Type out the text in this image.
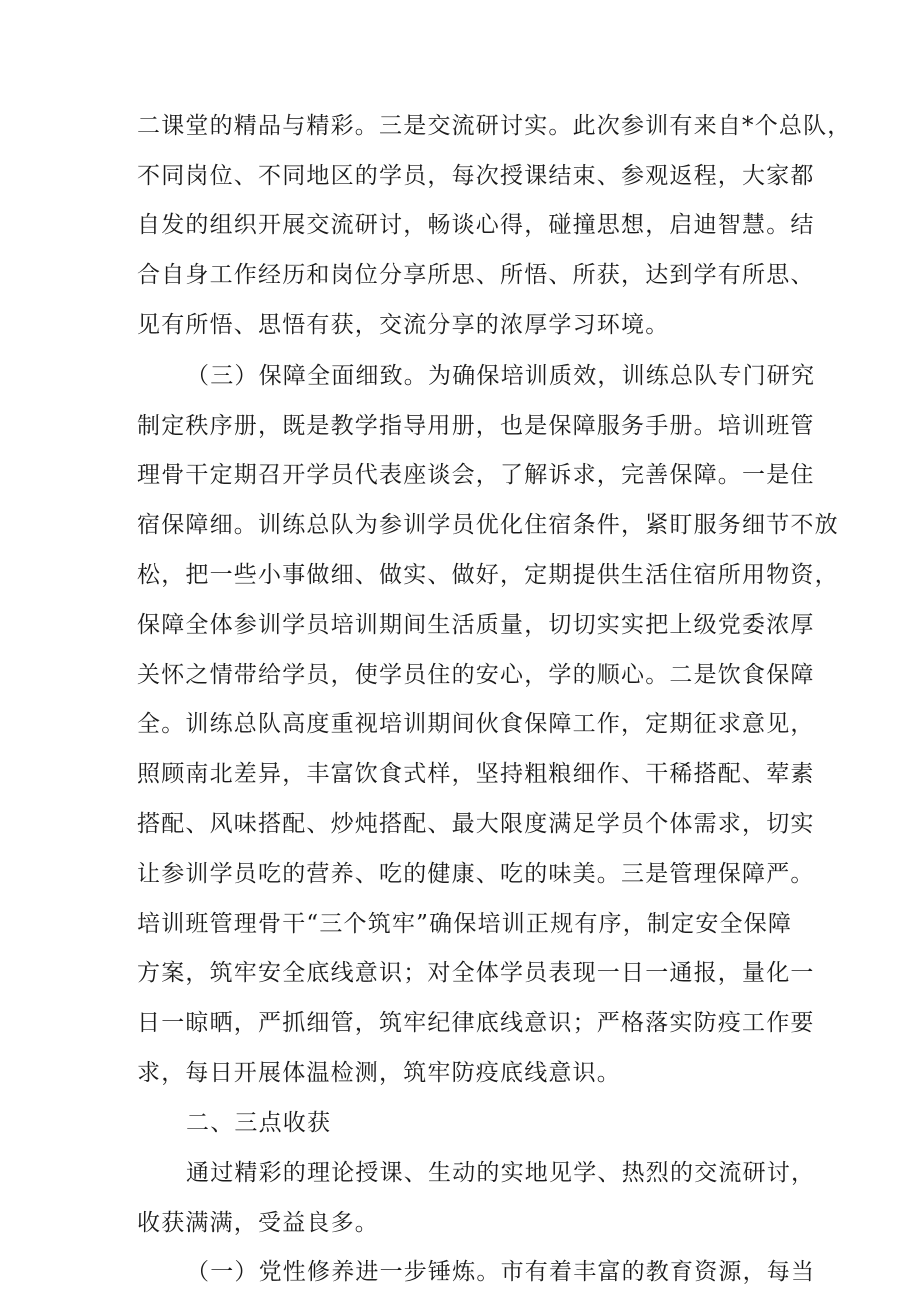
二课堂的精品与精彩。三是交流研讨实。此次参训有来自*个总队，
不同岗位、不同地区的学员，每次授课结束、参观返程，大家都
自发的组织开展交流研讨，畅谈心得，碰撞思想，启迪智慧。结
合自身工作经历和岗位分享所思、所悟、所获，达到学有所思、
见有所悟、思悟有获，交流分享的浓厚学习环境。
（三）保障全面细致。为确保培训质效，训练总队专门研究
制定秩序册，既是教学指导用册，也是保障服务手册。培训班管
理骨干定期召开学员代表座谈会，了解诉求，完善保障。一是住
宿保障细。训练总队为参训学员优化住宿条件，紧盯服务细节不放
松，把一些小事做细、做实、做好，定期提供生活住宿所用物资，
保障全体参训学员培训期间生活质量，切切实实把上级党委浓厚
关怀之情带给学员，使学员住的安心，学的顺心。二是饮食保障
全。训练总队高度重视培训期间伙食保障工作，定期征求意见，
照顾南北差异，丰富饮食式样，坚持粗粮细作、干稀搭配、荤素
搭配、风味搭配、炒炖搭配、最大限度满足学员个体需求，切实
让参训学员吃的营养、吃的健康、吃的味美。三是管理保障严。
培训班管理骨干“三个筑牢”确保培训正规有序，制定安全保障
方案，筑牢安全底线意识；对全体学员表现一日一通报，量化一
日一晾晒，严抓细管，筑牢纪律底线意识；严格落实防疫工作要
求，每日开展体温检测，筑牢防疫底线意识。
二、三点收获
通过精彩的理论授课、生动的实地见学、热烈的交流研讨，
收获满满，受益良多。
（一）党性修养进一步锤炼。市有着丰富的教育资源，每当
